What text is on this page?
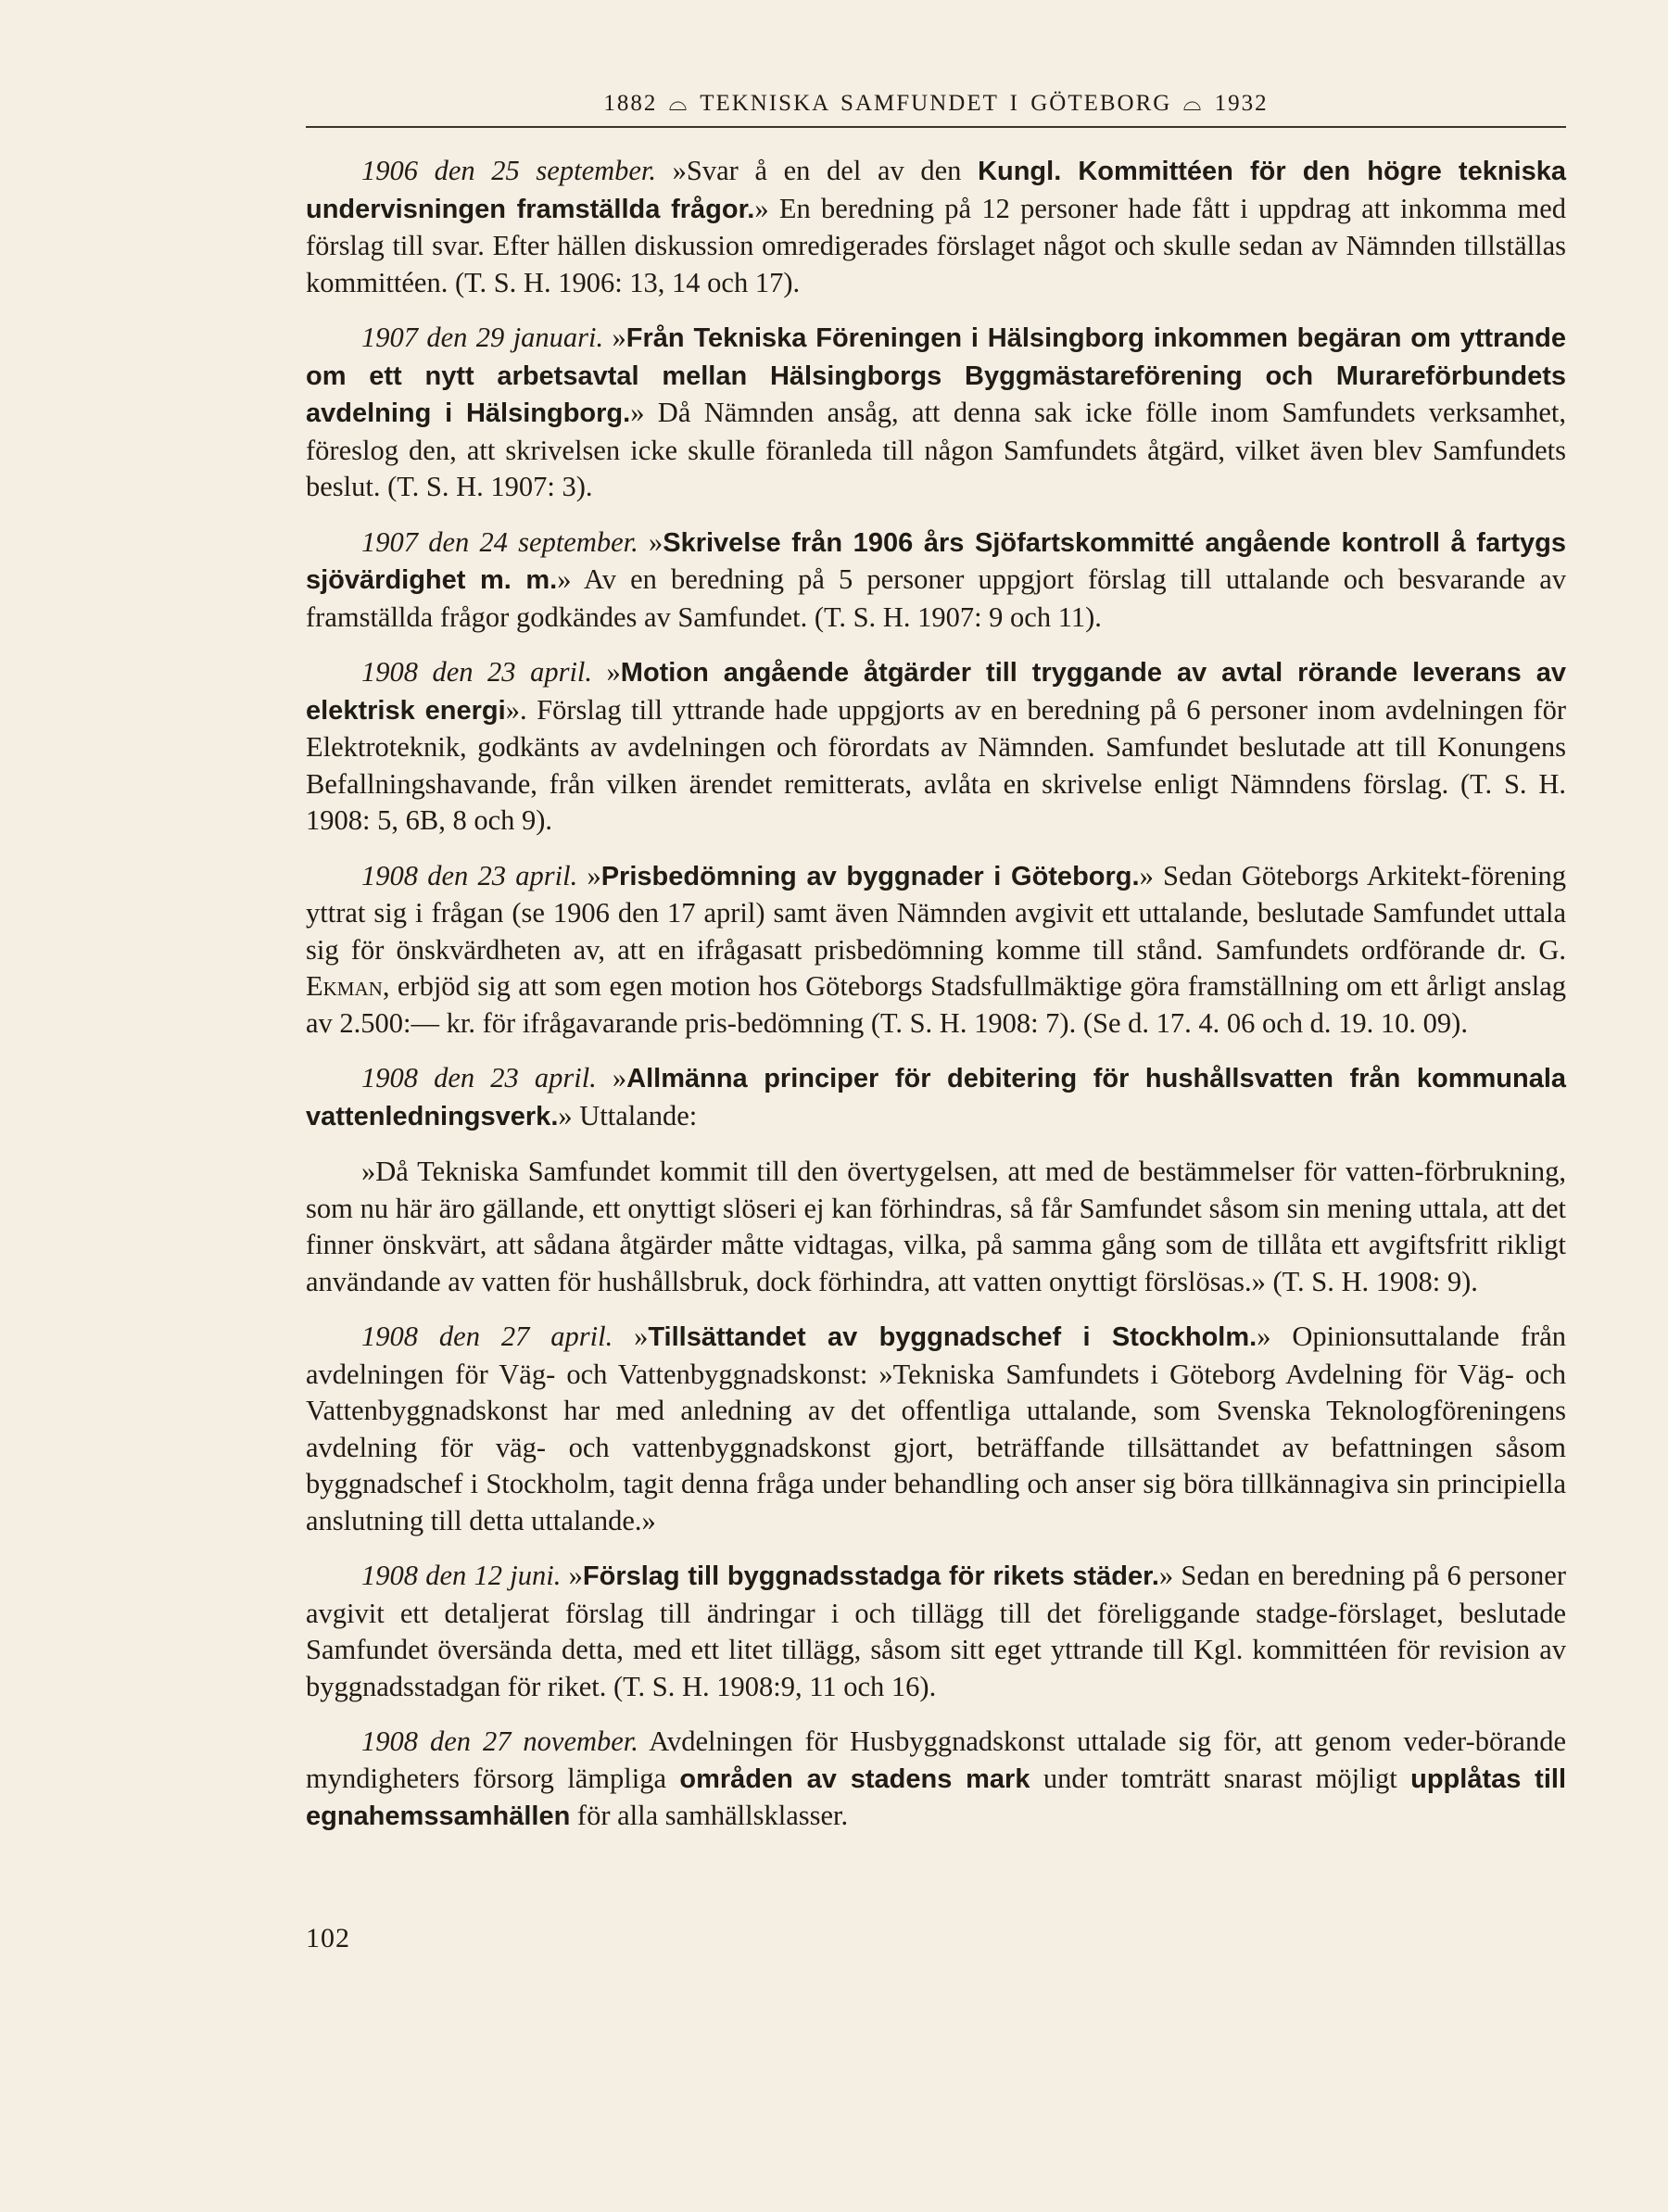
1882 ⌓ TEKNISKA SAMFUNDET I GÖTEBORG ⌓ 1932

1906 den 25 september. »Svar å en del av den Kungl. Kommittéen för den högre tekniska undervisningen framställda frågor.» En beredning på 12 personer hade fått i uppdrag att inkomma med förslag till svar. Efter hällen diskussion omredigerades förslaget något och skulle sedan av Nämnden tillställas kommittéen. (T. S. H. 1906: 13, 14 och 17).

1907 den 29 januari. »Från Tekniska Föreningen i Hälsingborg inkommen begäran om yttrande om ett nytt arbetsavtal mellan Hälsingborgs Byggmästareförening och Murareförbundets avdelning i Hälsingborg.» Då Nämnden ansåg, att denna sak icke fölle inom Samfundets verksamhet, föreslog den, att skrivelsen icke skulle föranleda till någon Samfundets åtgärd, vilket även blev Samfundets beslut. (T. S. H. 1907: 3).

1907 den 24 september. »Skrivelse från 1906 års Sjöfartskommitté angående kontroll å fartygs sjövärdighet m. m.» Av en beredning på 5 personer uppgjort förslag till uttalande och besvarande av framställda frågor godkändes av Samfundet. (T. S. H. 1907: 9 och 11).

1908 den 23 april. »Motion angående åtgärder till tryggande av avtal rörande leverans av elektrisk energi». Förslag till yttrande hade uppgjorts av en beredning på 6 personer inom avdelningen för Elektroteknik, godkänts av avdelningen och förordats av Nämnden. Samfundet beslutade att till Konungens Befallningshavande, från vilken ärendet remitterats, avlåta en skrivelse enligt Nämndens förslag. (T. S. H. 1908: 5, 6B, 8 och 9).

1908 den 23 april. »Prisbedömning av byggnader i Göteborg.» Sedan Göteborgs Arkitekt-förening yttrat sig i frågan (se 1906 den 17 april) samt även Nämnden avgivit ett uttalande, beslutade Samfundet uttala sig för önskvärdheten av, att en ifrågasatt prisbedömning komme till stånd. Samfundets ordförande dr. G. Ekman, erbjöd sig att som egen motion hos Göteborgs Stadsfullmäktige göra framställning om ett årligt anslag av 2.500:— kr. för ifrågavarande pris-bedömning (T. S. H. 1908: 7). (Se d. 17. 4. 06 och d. 19. 10. 09).

1908 den 23 april. »Allmänna principer för debitering för hushållsvatten från kommunala vattenledningsverk.» Uttalande:

»Då Tekniska Samfundet kommit till den övertygelsen, att med de bestämmelser för vatten-förbrukning, som nu här äro gällande, ett onyttigt slöseri ej kan förhindras, så får Samfundet såsom sin mening uttala, att det finner önskvärt, att sådana åtgärder måtte vidtagas, vilka, på samma gång som de tillåta ett avgiftsfritt rikligt användande av vatten för hushållsbruk, dock förhindra, att vatten onyttigt förslösas.» (T. S. H. 1908: 9).

1908 den 27 april. »Tillsättandet av byggnadschef i Stockholm.» Opinionsuttalande från avdelningen för Väg- och Vattenbyggnadskonst: »Tekniska Samfundets i Göteborg Avdelning för Väg- och Vattenbyggnadskonst har med anledning av det offentliga uttalande, som Svenska Teknologföreningens avdelning för väg- och vattenbyggnadskonst gjort, beträffande tillsättandet av befattningen såsom byggnadschef i Stockholm, tagit denna fråga under behandling och anser sig böra tillkännagiva sin principiella anslutning till detta uttalande.»

1908 den 12 juni. »Förslag till byggnadsstadga för rikets städer.» Sedan en beredning på 6 personer avgivit ett detaljerat förslag till ändringar i och tillägg till det föreliggande stadge-förslaget, beslutade Samfundet översända detta, med ett litet tillägg, såsom sitt eget yttrande till Kgl. kommittéen för revision av byggnadsstadgan för riket. (T. S. H. 1908:9, 11 och 16).

1908 den 27 november. Avdelningen för Husbyggnadskonst uttalade sig för, att genom veder-börande myndigheters försorg lämpliga områden av stadens mark under tomträtt snarast möjligt upplåtas till egnahemssamhällen för alla samhällsklasser.

102
